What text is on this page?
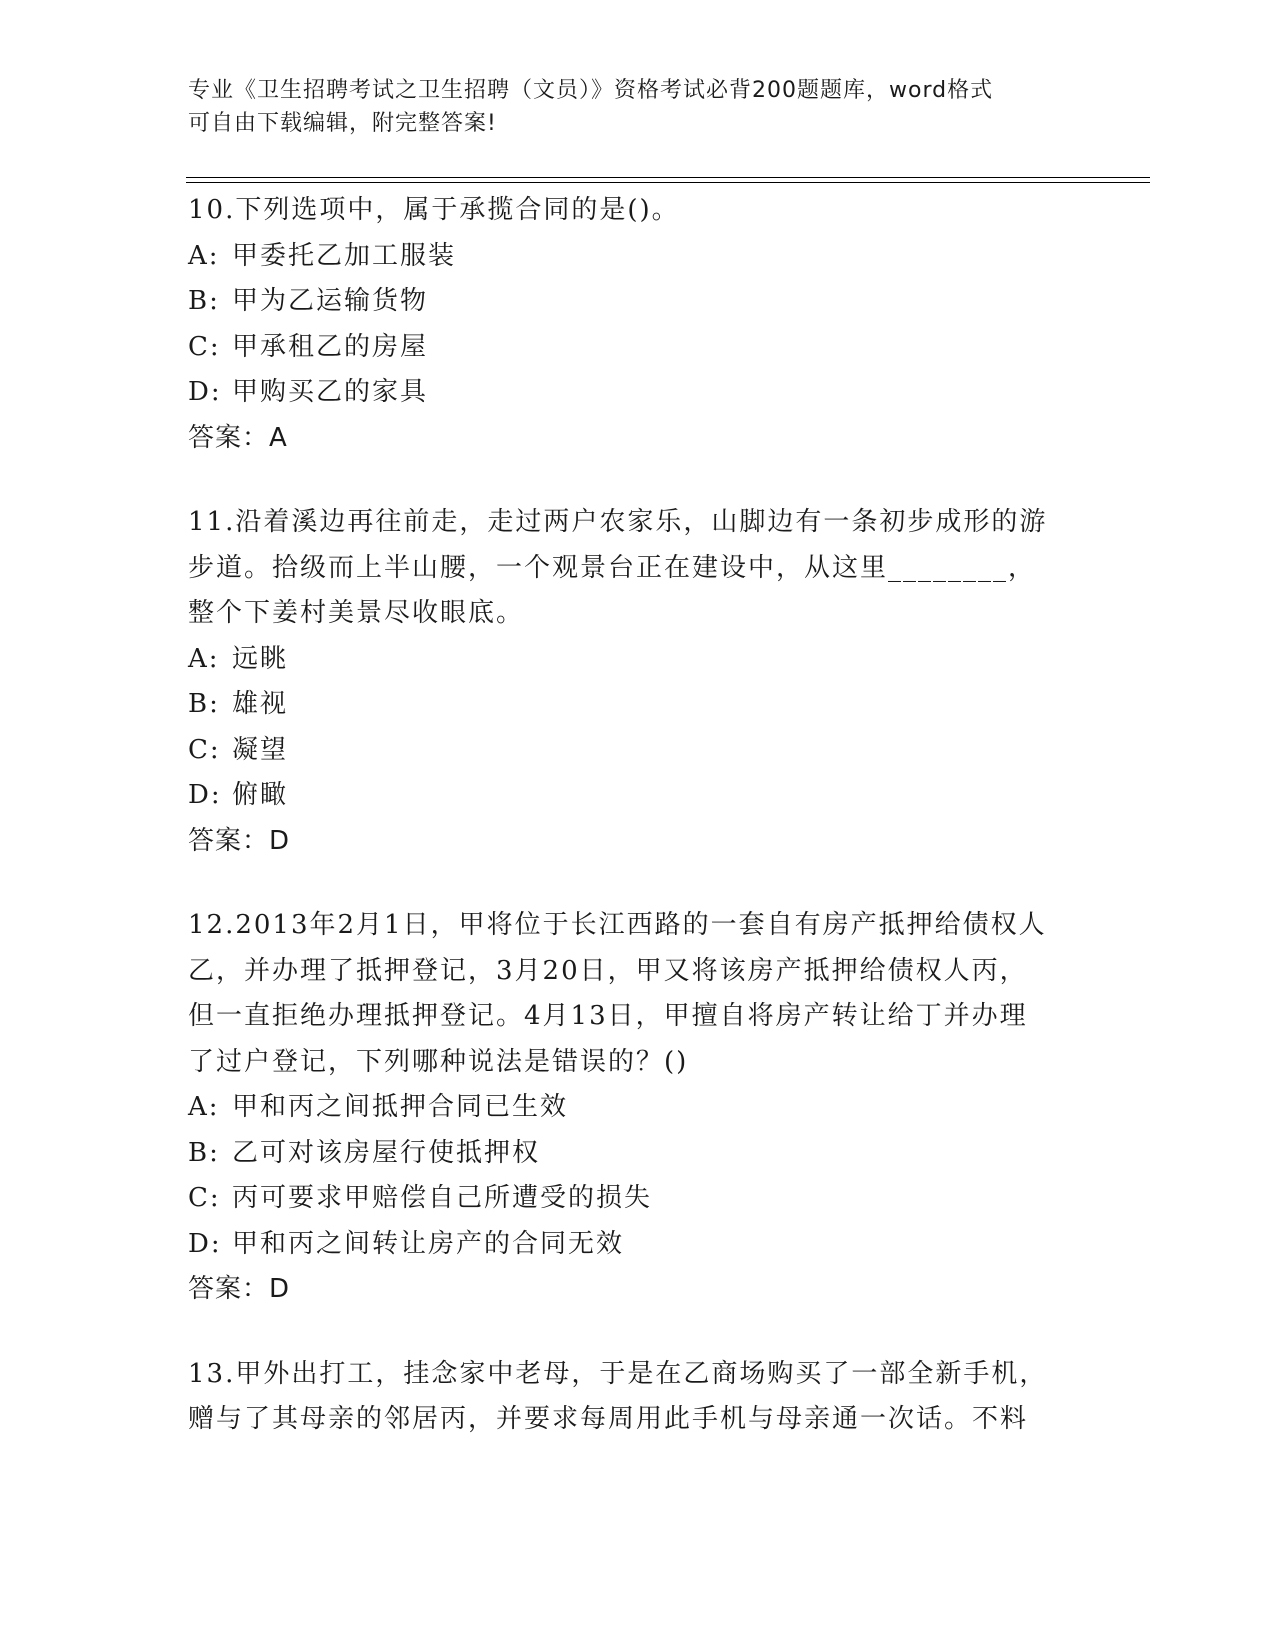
专业《卫生招聘考试之卫生招聘（文员）》资格考试必背200题题库，word格式
可自由下载编辑，附完整答案!
10.下列选项中，属于承揽合同的是()。
A: 甲委托乙加工服装
B: 甲为乙运输货物
C: 甲承租乙的房屋
D: 甲购买乙的家具
答案：A
11.沿着溪边再往前走，走过两户农家乐，山脚边有一条初步成形的游
步道。拾级而上半山腰，一个观景台正在建设中，从这里________，
整个下姜村美景尽收眼底。
A: 远眺
B: 雄视
C: 凝望
D: 俯瞰
答案：D
12.2013年2月1日，甲将位于长江西路的一套自有房产抵押给债权人
乙，并办理了抵押登记，3月20日，甲又将该房产抵押给债权人丙，
但一直拒绝办理抵押登记。4月13日，甲擅自将房产转让给丁并办理
了过户登记，下列哪种说法是错误的？()
A: 甲和丙之间抵押合同已生效
B: 乙可对该房屋行使抵押权
C: 丙可要求甲赔偿自己所遭受的损失
D: 甲和丙之间转让房产的合同无效
答案：D
13.甲外出打工，挂念家中老母，于是在乙商场购买了一部全新手机，
赠与了其母亲的邻居丙，并要求每周用此手机与母亲通一次话。不料
